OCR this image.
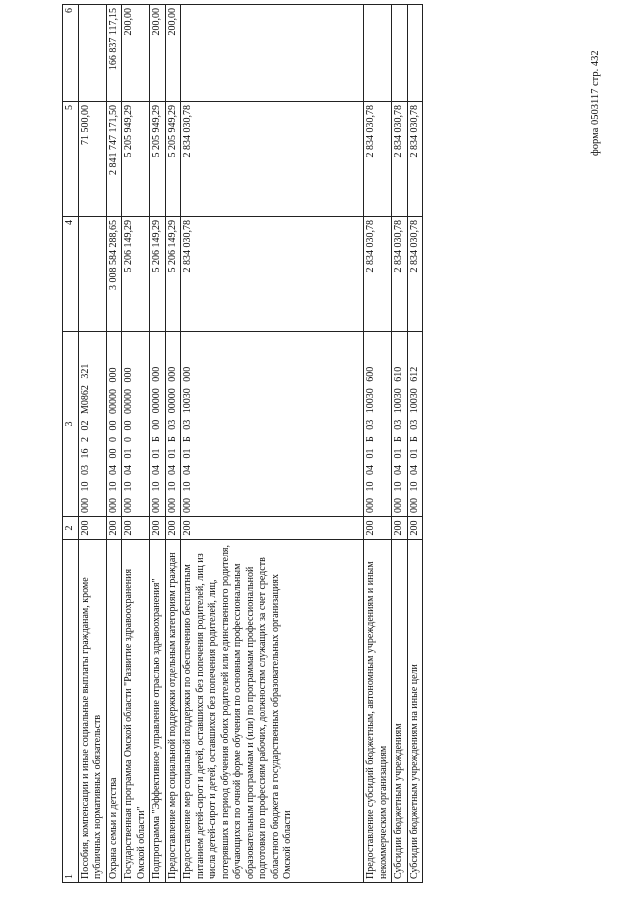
форма 0503117 стр. 432
1	2	3	4	5	6
Пособия, компенсации и иные социальные выплаты гражданам, кроме публичных нормативных обязательств	200	000 10 03 16 2 02 M0862 321		71 500,00	
Охрана семьи и детства	200	000 10 04 00 0 00 00000 000	3 008 584 288,65	2 841 747 171,50	166 837 117,15
Государственная программа Омской области "Развитие здравоохранения Омской области"	200	000 10 04 01 0 00 00000 000	5 206 149,29	5 205 949,29	200,00
Подпрограмма "Эффективное управление отраслью здравоохранения"	200	000 10 04 01 Б 00 00000 000	5 206 149,29	5 205 949,29	200,00
Предоставление мер социальной поддержки отдельным категориям граждан	200	000 10 04 01 Б 03 00000 000	5 206 149,29	5 205 949,29	200,00
Предоставление мер социальной поддержки по обеспечению бесплатным питанием детей-сирот и детей, оставшихся без попечения родителей, лиц из числа детей-сирот и детей, оставшихся без попечения родителей, лиц, потерявших в период обучения обоих родителей или единственного родителя, обучающихся по очной форме обучения по основным профессиональным образовательным программам и (или) по программам профессиональной подготовки по профессиям рабочих, должностям служащих за счет средств областного бюджета в государственных образовательных организациях Омской области	200	000 10 04 01 Б 03 10030 000	2 834 030,78	2 834 030,78	
Предоставление субсидий бюджетным, автономным учреждениям и иным некоммерческим организациям	200	000 10 04 01 Б 03 10030 600	2 834 030,78	2 834 030,78	
Субсидии бюджетным учреждениям	200	000 10 04 01 Б 03 10030 610	2 834 030,78	2 834 030,78	
Субсидии бюджетным учреждениям на иные цели	200	000 10 04 01 Б 03 10030 612	2 834 030,78	2 834 030,78	
